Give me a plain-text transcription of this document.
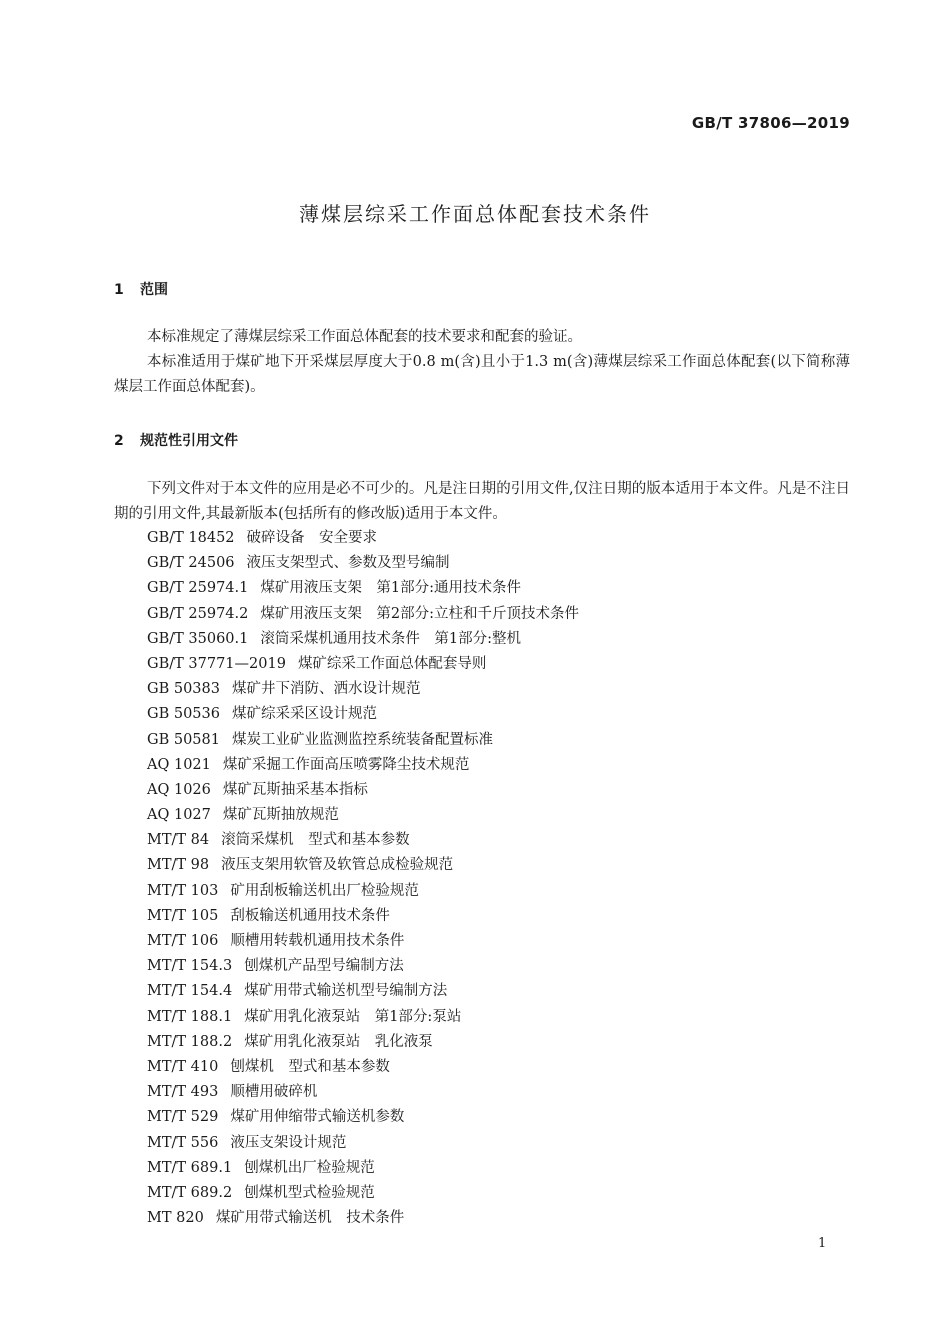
GB/T 37806—2019
薄煤层综采工作面总体配套技术条件
1 范围

本标准规定了薄煤层综采工作面总体配套的技术要求和配套的验证。

本标准适用于煤矿地下开采煤层厚度大于0.8 m(含)且小于1.3 m(含)薄煤层综采工作面总体配套(以下简称薄煤层工作面总体配套)。

2 规范性引用文件

下列文件对于本文件的应用是必不可少的。凡是注日期的引用文件,仅注日期的版本适用于本文件。凡是不注日期的引用文件,其最新版本(包括所有的修改版)适用于本文件。

GB/T 18452 破碎设备　安全要求
GB/T 24506 液压支架型式、参数及型号编制
GB/T 25974.1 煤矿用液压支架　第1部分:通用技术条件
GB/T 25974.2 煤矿用液压支架　第2部分:立柱和千斤顶技术条件
GB/T 35060.1 滚筒采煤机通用技术条件　第1部分:整机
GB/T 37771—2019 煤矿综采工作面总体配套导则
GB 50383 煤矿井下消防、洒水设计规范
GB 50536 煤矿综采采区设计规范
GB 50581 煤炭工业矿业监测监控系统装备配置标准
AQ 1021 煤矿采掘工作面高压喷雾降尘技术规范
AQ 1026 煤矿瓦斯抽采基本指标
AQ 1027 煤矿瓦斯抽放规范
MT/T 84 滚筒采煤机　型式和基本参数
MT/T 98 液压支架用软管及软管总成检验规范
MT/T 103 矿用刮板输送机出厂检验规范
MT/T 105 刮板输送机通用技术条件
MT/T 106 顺槽用转载机通用技术条件
MT/T 154.3 刨煤机产品型号编制方法
MT/T 154.4 煤矿用带式输送机型号编制方法
MT/T 188.1 煤矿用乳化液泵站　第1部分:泵站
MT/T 188.2 煤矿用乳化液泵站　乳化液泵
MT/T 410 刨煤机　型式和基本参数
MT/T 493 顺槽用破碎机
MT/T 529 煤矿用伸缩带式输送机参数
MT/T 556 液压支架设计规范
MT/T 689.1 刨煤机出厂检验规范
MT/T 689.2 刨煤机型式检验规范
MT 820 煤矿用带式输送机　技术条件
1
